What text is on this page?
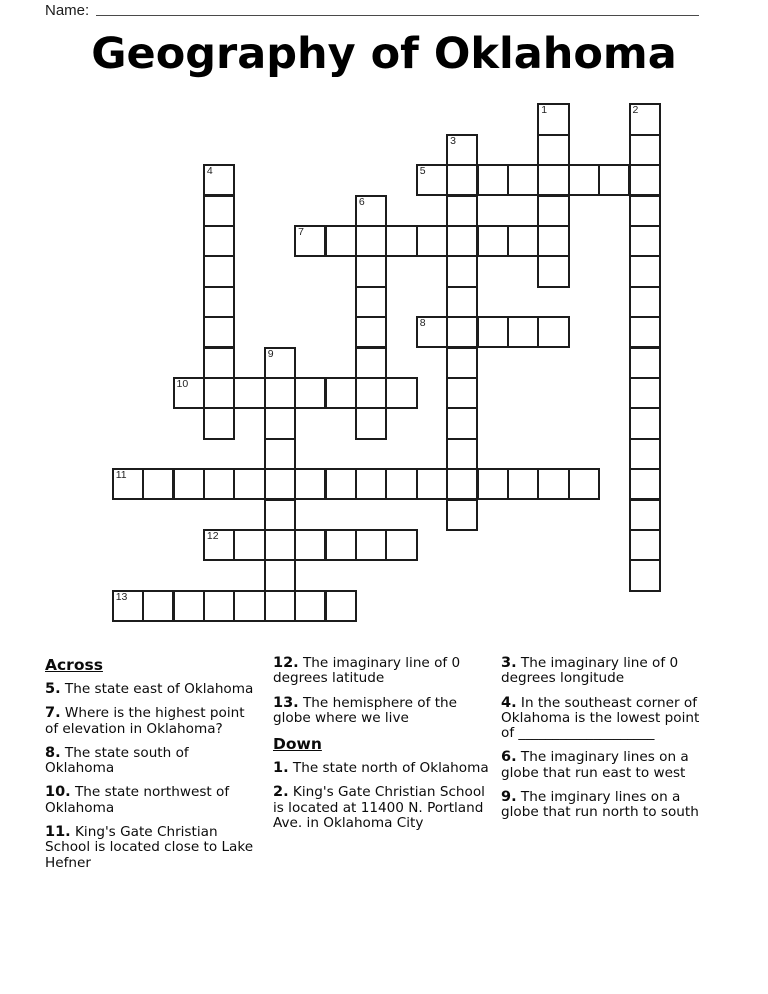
Name:
Geography of Oklahoma
1	2
3
4	5
6
7
8
9
10
11
12
13
Across
5. The state east of Oklahoma
7. Where is the highest point of elevation in Oklahoma?
8. The state south of Oklahoma
10. The state northwest of Oklahoma
11. King's Gate Christian School is located close to Lake Hefner
12. The imaginary line of 0 degrees latitude
13. The hemisphere of the globe where we live
Down
1. The state north of Oklahoma
2. King's Gate Christian School is located at 11400 N. Portland Ave. in Oklahoma City
3. The imaginary line of 0 degrees longitude
4. In the southeast corner of Oklahoma is the lowest point of ____________________
6. The imaginary lines on a globe that run east to west
9. The imginary lines on a globe that run north to south
